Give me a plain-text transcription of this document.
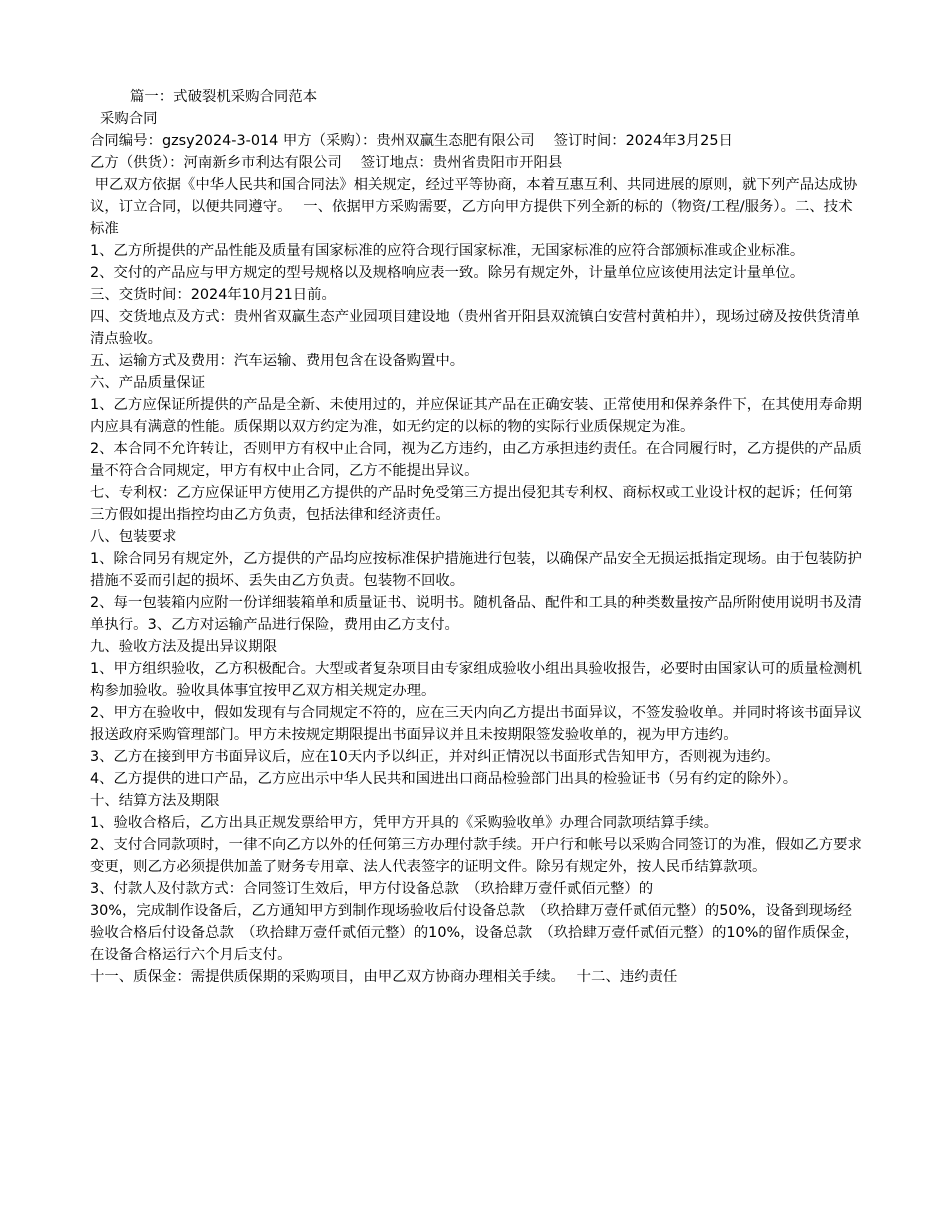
篇一：式破裂机采购合同范本
采购合同
合同编号：gzsy2024-3-014 甲方（采购）：贵州双赢生态肥有限公司　 签订时间：2024年3月25日
乙方（供货）：河南新乡市利达有限公司　 签订地点：贵州省贵阳市开阳县
甲乙双方依据《中华人民共和国合同法》相关规定，经过平等协商，本着互惠互利、共同进展的原则，就下列产品达成协议，订立合同，以便共同遵守。　 一、依据甲方采购需要，乙方向甲方提供下列全新的标的（物资/工程/服务）。二、技术标准
1、乙方所提供的产品性能及质量有国家标准的应符合现行国家标准，无国家标准的应符合部颁标准或企业标准。
2、交付的产品应与甲方规定的型号规格以及规格响应表一致。除另有规定外，计量单位应该使用法定计量单位。
三、交货时间：2024年10月21日前。
四、交货地点及方式：贵州省双赢生态产业园项目建设地（贵州省开阳县双流镇白安营村黄柏井），现场过磅及按供货清单清点验收。
五、运输方式及费用：汽车运输、费用包含在设备购置中。
六、产品质量保证
1、乙方应保证所提供的产品是全新、未使用过的，并应保证其产品在正确安装、正常使用和保养条件下，在其使用寿命期内应具有满意的性能。质保期以双方约定为准，如无约定的以标的物的实际行业质保规定为准。
2、本合同不允许转让，否则甲方有权中止合同，视为乙方违约，由乙方承担违约责任。在合同履行时，乙方提供的产品质量不符合合同规定，甲方有权中止合同，乙方不能提出异议。
七、专利权：乙方应保证甲方使用乙方提供的产品时免受第三方提出侵犯其专利权、商标权或工业设计权的起诉；任何第三方假如提出指控均由乙方负责，包括法律和经济责任。
八、包装要求
1、除合同另有规定外，乙方提供的产品均应按标准保护措施进行包装，以确保产品安全无损运抵指定现场。由于包装防护措施不妥而引起的损坏、丢失由乙方负责。包装物不回收。
2、每一包装箱内应附一份详细装箱单和质量证书、说明书。随机备品、配件和工具的种类数量按产品所附使用说明书及清单执行。3、乙方对运输产品进行保险，费用由乙方支付。
九、验收方法及提出异议期限
1、甲方组织验收，乙方积极配合。大型或者复杂项目由专家组成验收小组出具验收报告，必要时由国家认可的质量检测机构参加验收。验收具体事宜按甲乙双方相关规定办理。
2、甲方在验收中，假如发现有与合同规定不符的，应在三天内向乙方提出书面异议，不签发验收单。并同时将该书面异议报送政府采购管理部门。甲方未按规定期限提出书面异议并且未按期限签发验收单的，视为甲方违约。
3、乙方在接到甲方书面异议后，应在10天内予以纠正，并对纠正情况以书面形式告知甲方，否则视为违约。
4、乙方提供的进口产品，乙方应出示中华人民共和国进出口商品检验部门出具的检验证书（另有约定的除外）。
十、结算方法及期限
1、验收合格后，乙方出具正规发票给甲方，凭甲方开具的《采购验收单》办理合同款项结算手续。
2、支付合同款项时，一律不向乙方以外的任何第三方办理付款手续。开户行和帐号以采购合同签订的为准，假如乙方要求变更，则乙方必须提供加盖了财务专用章、法人代表签字的证明文件。除另有规定外，按人民币结算款项。
3、付款人及付款方式：合同签订生效后，甲方付设备总款　（玖拾肆万壹仟贰佰元整）的
30%，完成制作设备后，乙方通知甲方到制作现场验收后付设备总款　（玖拾肆万壹仟贰佰元整）的50%，设备到现场经验收合格后付设备总款　（玖拾肆万壹仟贰佰元整）的10%，设备总款　（玖拾肆万壹仟贰佰元整）的10%的留作质保金，在设备合格运行六个月后支付。
十一、质保金：需提供质保期的采购项目，由甲乙双方协商办理相关手续。　 十二、违约责任
